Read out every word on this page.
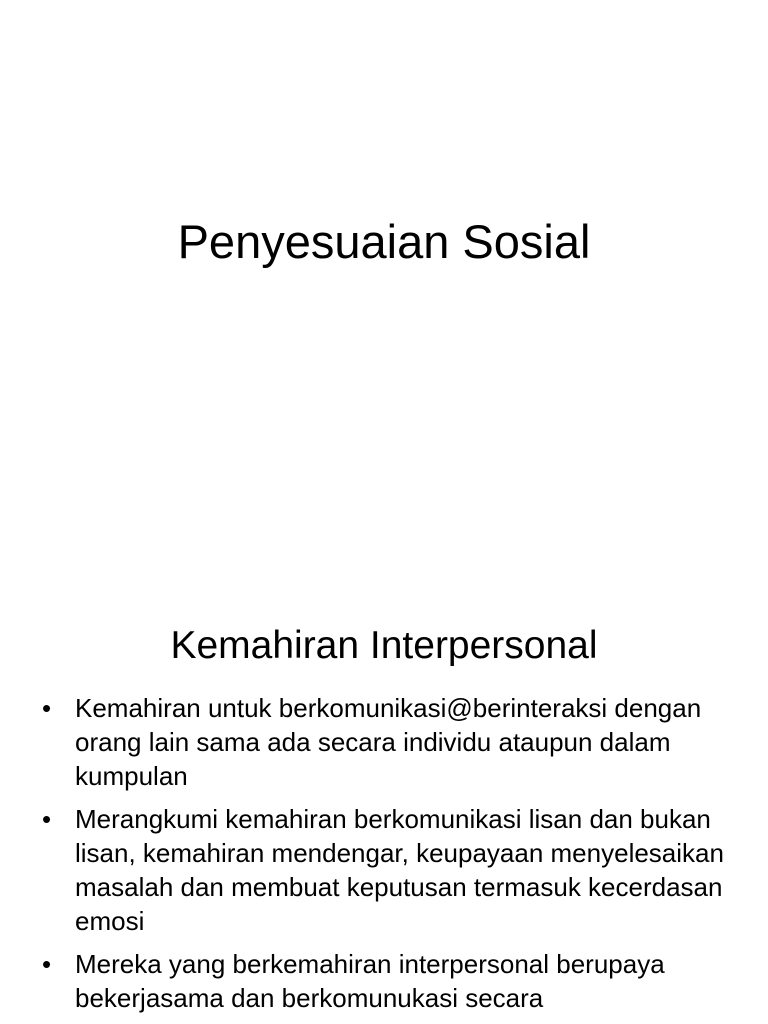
Penyesuaian Sosial
Kemahiran Interpersonal
• Kemahiran untuk berkomunikasi@berinteraksi dengan orang lain sama ada secara individu ataupun dalam kumpulan
• Merangkumi kemahiran berkomunikasi lisan dan bukan lisan, kemahiran mendengar, keupayaan menyelesaikan masalah dan membuat keputusan termasuk kecerdasan emosi
• Mereka yang berkemahiran interpersonal berupaya bekerjasama dan berkomunukasi secara
